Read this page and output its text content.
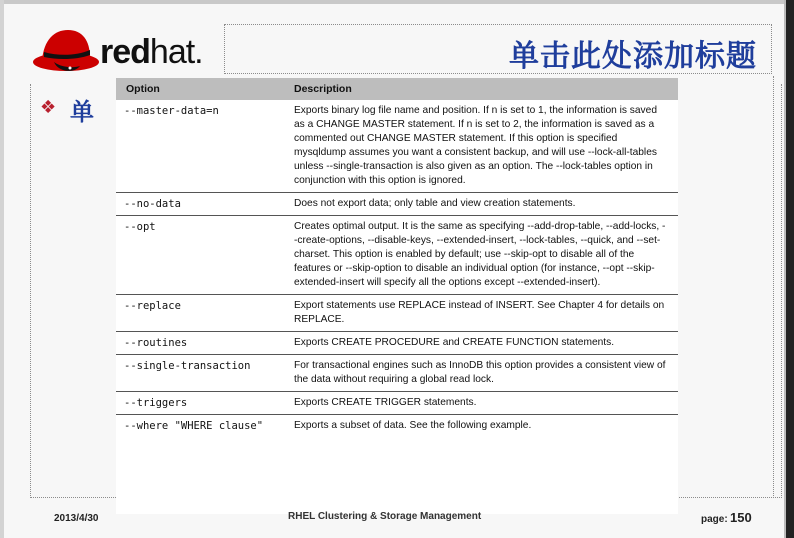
redhat.	单击此处添加标题
❖ 单
Option	Description
--master-data=n	Exports binary log file name and position. If n is set to 1, the information is saved as a CHANGE MASTER statement. If n is set to 2, the information is saved as a commented out CHANGE MASTER statement. If this option is specified mysqldump assumes you want a consistent backup, and will use --lock-all-tables unless --single-transaction is also given as an option. The --lock-tables option in conjunction with this option is ignored.
--no-data	Does not export data; only table and view creation statements.
--opt	Creates optimal output. It is the same as specifying --add-drop-table, --add-locks, --create-options, --disable-keys, --extended-insert, --lock-tables, --quick, and --set-charset. This option is enabled by default; use --skip-opt to disable all of the features or --skip-option to disable an individual option (for instance, --opt --skip-extended-insert will specify all the options except --extended-insert).
--replace	Export statements use REPLACE instead of INSERT. See Chapter 4 for details on REPLACE.
--routines	Exports CREATE PROCEDURE and CREATE FUNCTION statements.
--single-transaction	For transactional engines such as InnoDB this option provides a consistent view of the data without requiring a global read lock.
--triggers	Exports CREATE TRIGGER statements.
--where "WHERE clause"	Exports a subset of data. See the following example.
2013/4/30	RHEL Clustering & Storage Management	page: 150
